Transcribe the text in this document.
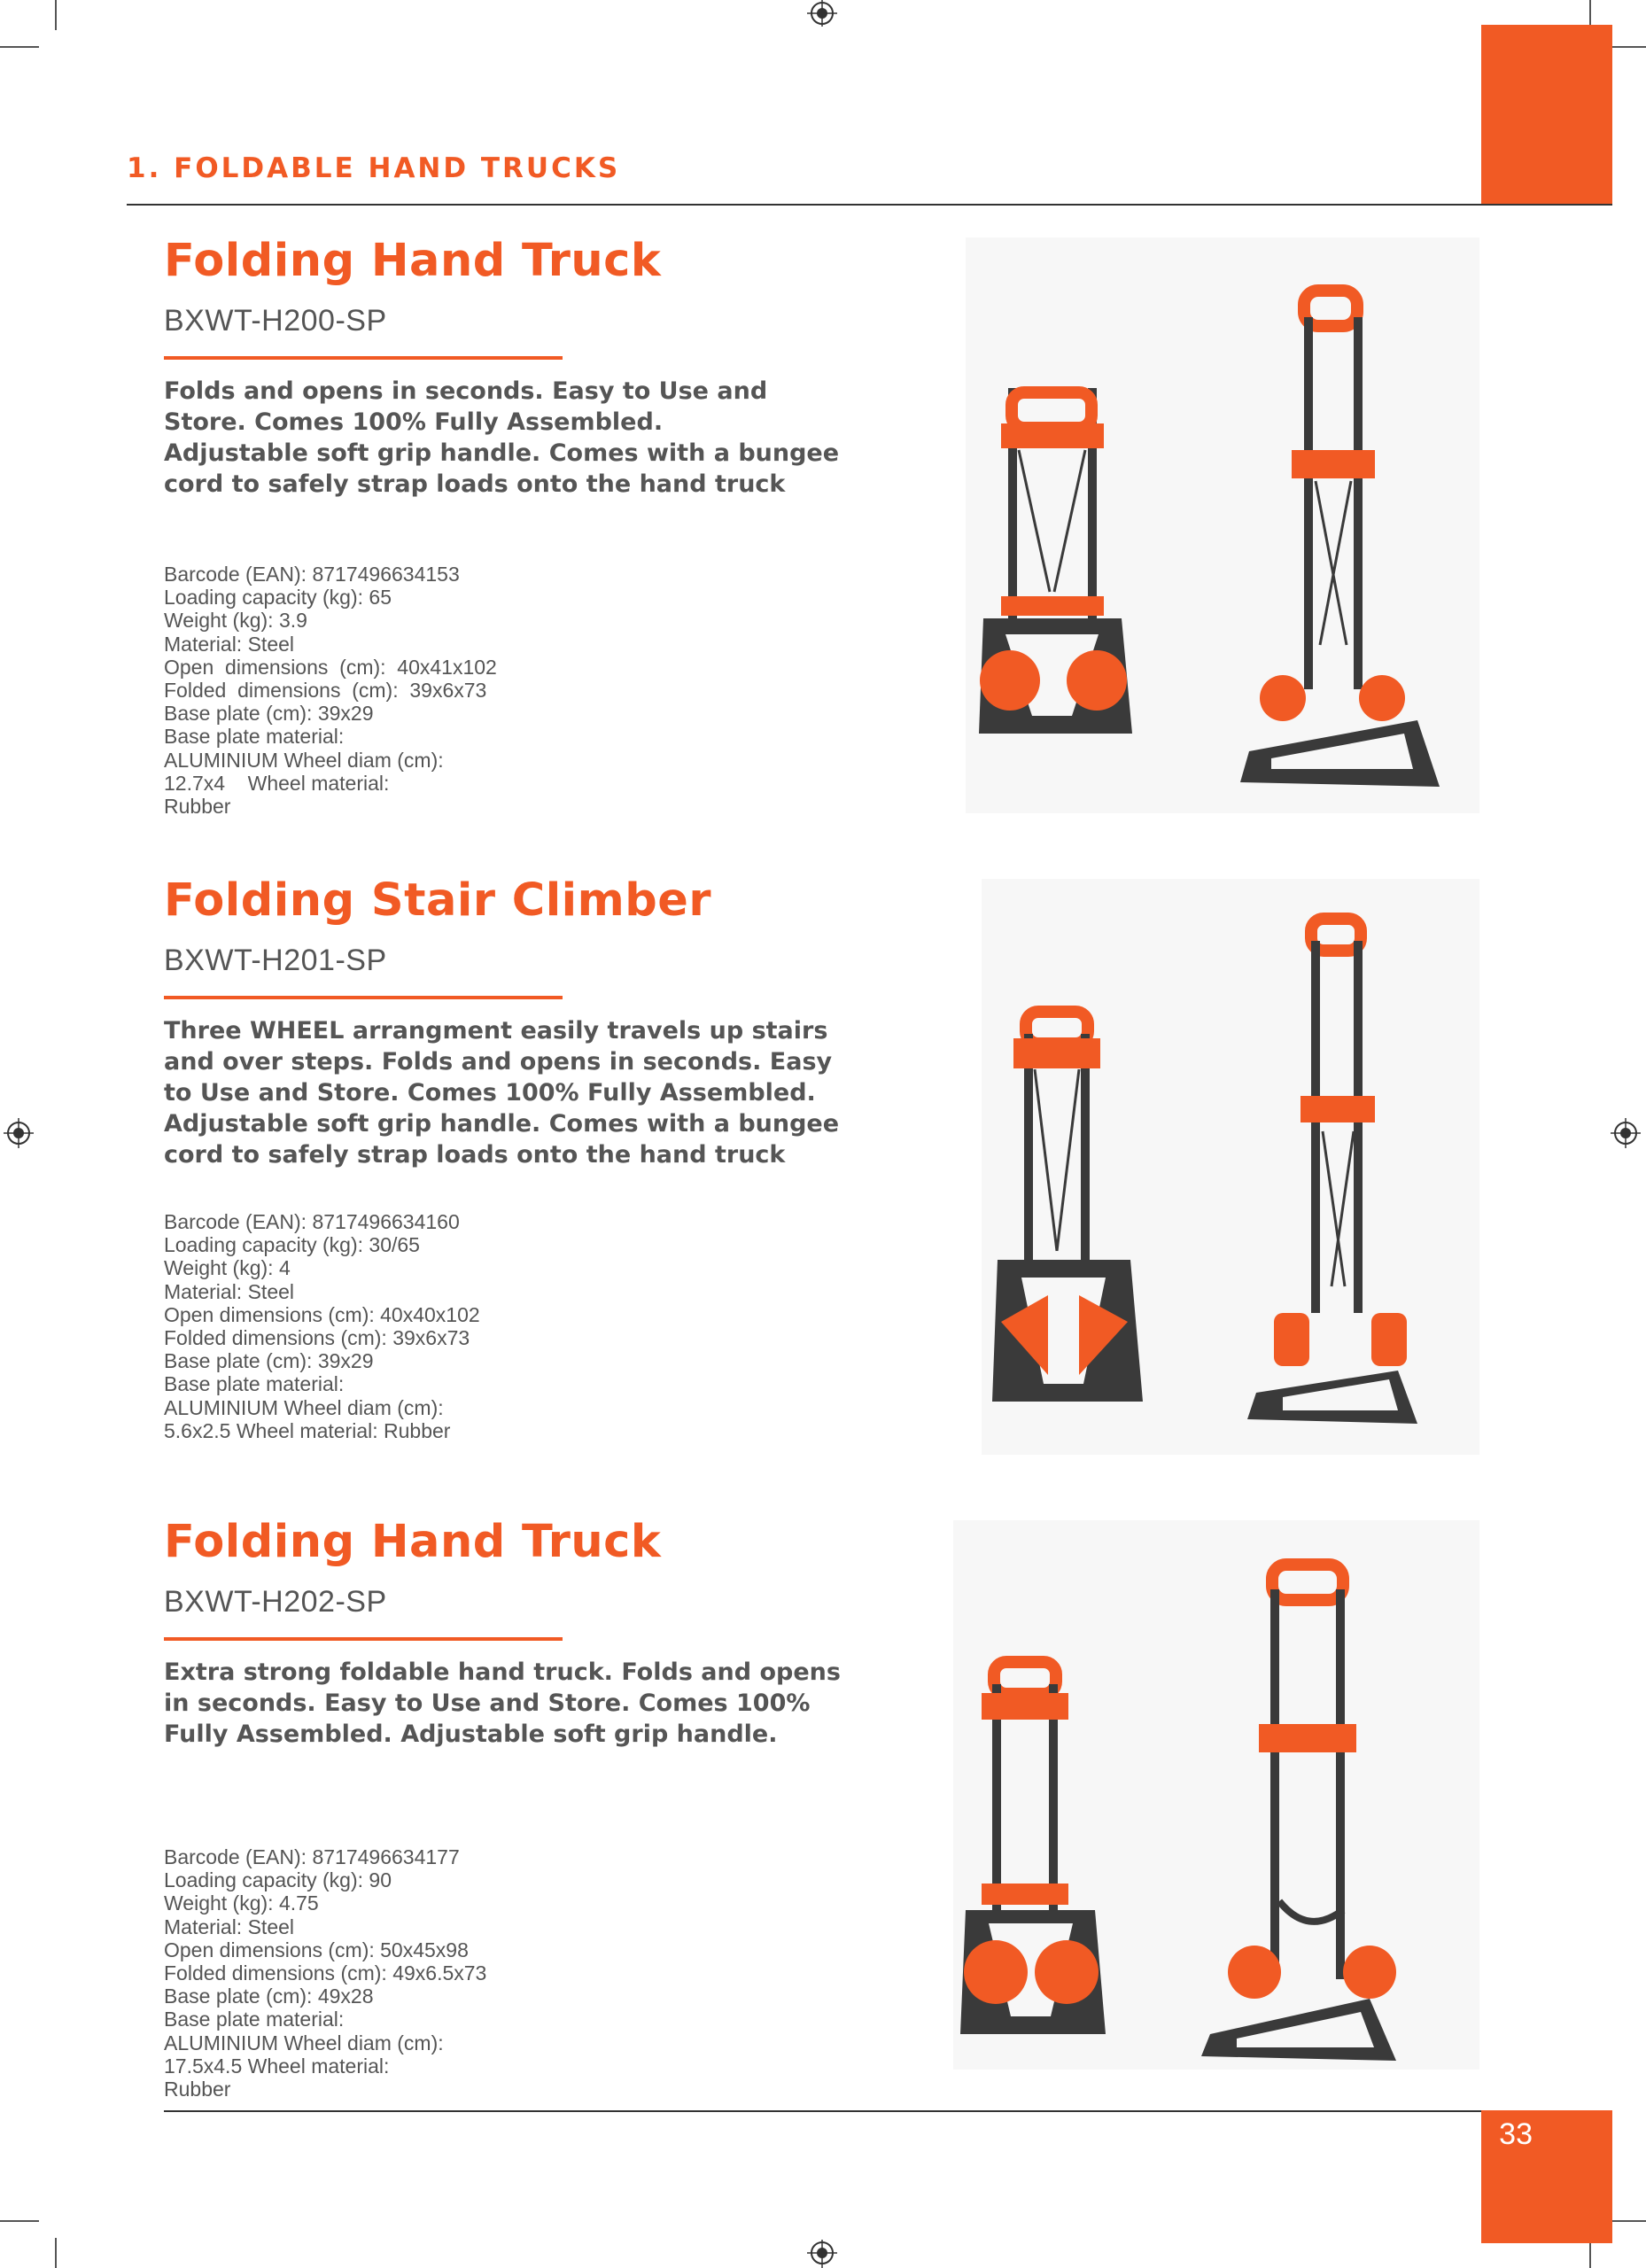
33
1. FOLDABLE HAND TRUCKS
Folding Hand Truck
BXWT-H200-SP
Folds and opens in seconds. Easy to Use and
Store. Comes 100% Fully Assembled.
Adjustable soft grip handle. Comes with a bungee
cord to safely strap loads onto the hand truck
Barcode (EAN): 8717496634153
Loading capacity (kg): 65
Weight (kg): 3.9
Material: Steel
Open  dimensions  (cm):  40x41x102
Folded  dimensions  (cm):  39x6x73
Base plate (cm): 39x29
Base plate material:
ALUMINIUM Wheel diam (cm):
12.7x4    Wheel material:
Rubber
Folding Stair Climber
BXWT-H201-SP
Three WHEEL arrangment easily travels up stairs
and over steps. Folds and opens in seconds. Easy
to Use and Store. Comes 100% Fully Assembled.
Adjustable soft grip handle. Comes with a bungee
cord to safely strap loads onto the hand truck
Barcode (EAN): 8717496634160
Loading capacity (kg): 30/65
Weight (kg): 4
Material: Steel
Open dimensions (cm): 40x40x102
Folded dimensions (cm): 39x6x73
Base plate (cm): 39x29
Base plate material:
ALUMINIUM Wheel diam (cm):
5.6x2.5 Wheel material: Rubber
Folding Hand Truck
BXWT-H202-SP
Extra strong foldable hand truck. Folds and opens
in seconds. Easy to Use and Store. Comes 100%
Fully Assembled. Adjustable soft grip handle.
Barcode (EAN): 8717496634177
Loading capacity (kg): 90
Weight (kg): 4.75
Material: Steel
Open dimensions (cm): 50x45x98
Folded dimensions (cm): 49x6.5x73
Base plate (cm): 49x28
Base plate material:
ALUMINIUM Wheel diam (cm):
17.5x4.5 Wheel material:
Rubber
